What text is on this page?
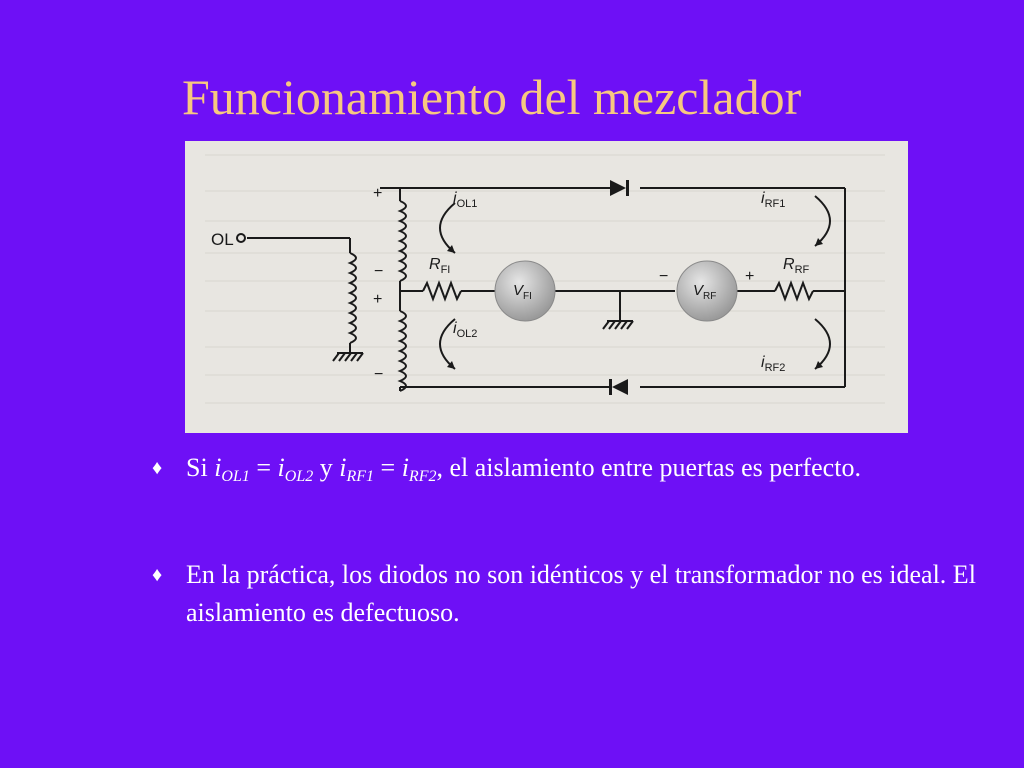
Funcionamiento del mezclador
OL
+
−
+
−
−	+
$i_{OL1}$
$i_{OL2}$
$i_{RF1}$
$i_{RF2}$
$R_{FI}$	$R_{RF}$
$V_{FI}$	$V_{RF}$
♦ Si $i_{OL1} = i_{OL2}$ y $i_{RF1} = i_{RF2}$, el aislamiento entre puertas es perfecto.
♦ En la práctica, los diodos no son idénticos y el transformador no es ideal. El aislamiento es defectuoso.
